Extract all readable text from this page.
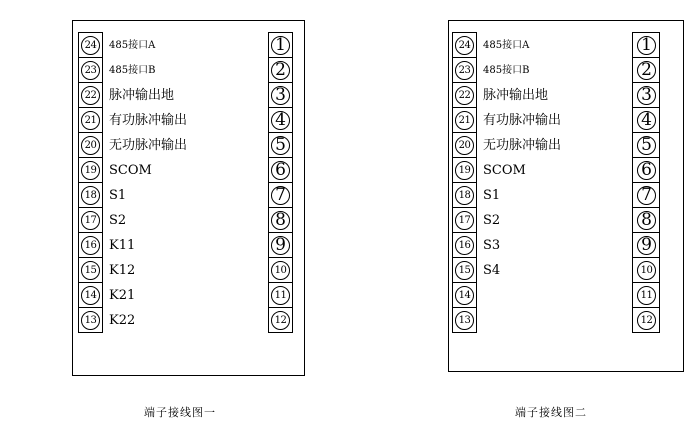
24
23
22
21
20
19
18
17
16
15
14
13
1
2
3
4
5
6
7
8
9
10
11
12
485接口A
485接口B
脉冲输出地
有功脉冲输出
无功脉冲输出
SCOM
S1
S2
K11
K12
K21
K22
端子接线图一
24
23
22
21
20
19
18
17
16
15
14
13
1
2
3
4
5
6
7
8
9
10
11
12
485接口A
485接口B
脉冲输出地
有功脉冲输出
无功脉冲输出
SCOM
S1
S2
S3
S4
端子接线图二
